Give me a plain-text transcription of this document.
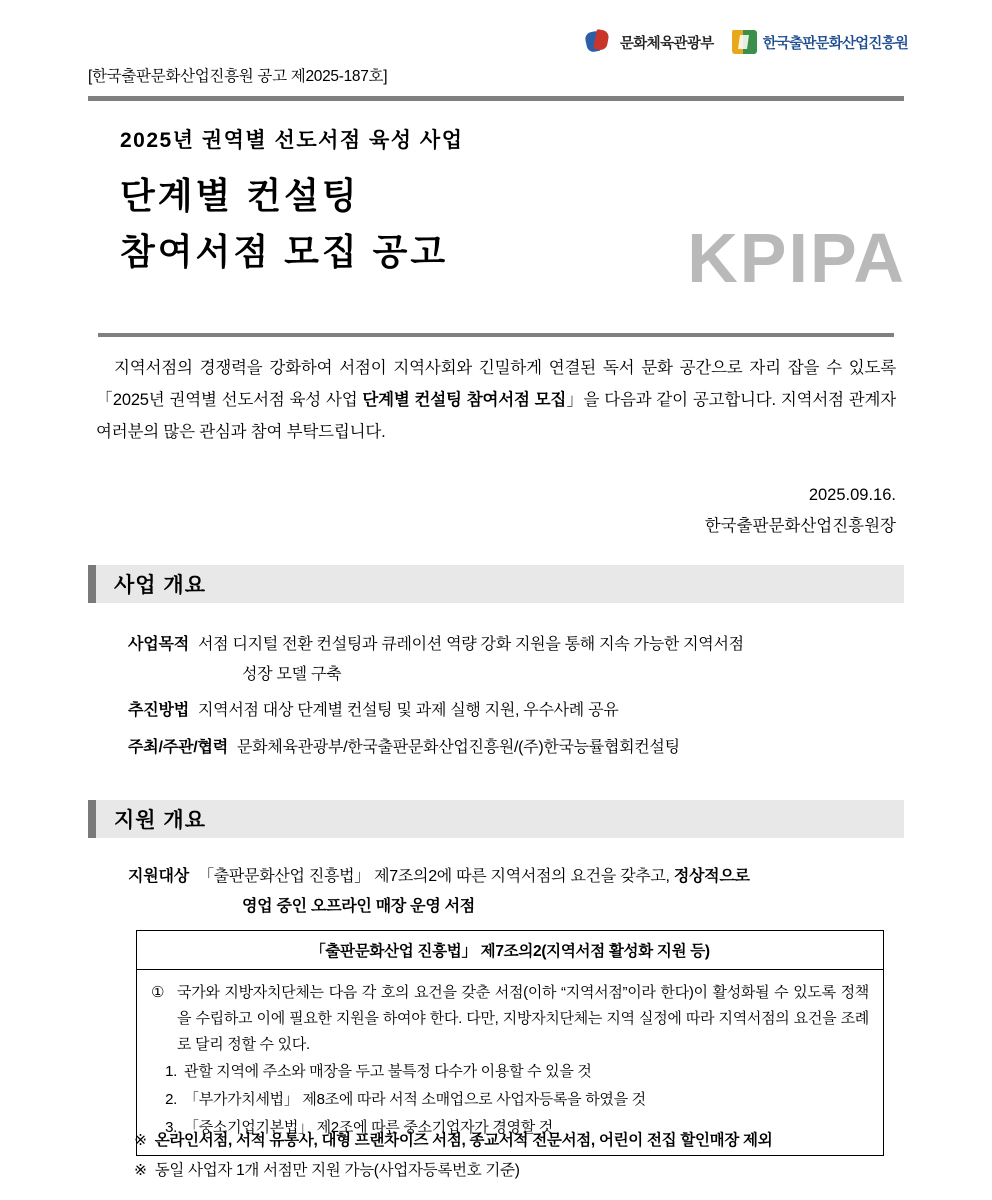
문화체육관광부	한국출판문화산업진흥원
[한국출판문화산업진흥원 공고 제2025-187호]
2025년 권역별 선도서점 육성 사업
단계별 컨설팅
참여서점 모집 공고	KPIPA
지역서점의 경쟁력을 강화하여 서점이 지역사회와 긴밀하게 연결된 독서 문화 공간으로 자리 잡을 수 있도록 「2025년 권역별 선도서점 육성 사업 단계별 컨설팅 참여서점 모집」을 다음과 같이 공고합니다. 지역서점 관계자 여러분의 많은 관심과 참여 부탁드립니다.
2025.09.16.
한국출판문화산업진흥원장
사업 개요
사업목적 서점 디지털 전환 컨설팅과 큐레이션 역량 강화 지원을 통해 지속 가능한 지역서점
성장 모델 구축
추진방법 지역서점 대상 단계별 컨설팅 및 과제 실행 지원, 우수사례 공유
주최/주관/협력 문화체육관광부/한국출판문화산업진흥원/(주)한국능률협회컨설팅
지원 개요
지원대상 「출판문화산업 진흥법」 제7조의2에 따른 지역서점의 요건을 갖추고, 정상적으로
영업 중인 오프라인 매장 운영 서점
「출판문화산업 진흥법」 제7조의2(지역서점 활성화 지원 등)
① 국가와 지방자치단체는 다음 각 호의 요건을 갖춘 서점(이하 “지역서점”이라 한다)이 활성화될 수 있도록 정책을 수립하고 이에 필요한 지원을 하여야 한다. 다만, 지방자치단체는 지역 실정에 따라 지역서점의 요건을 조례로 달리 정할 수 있다.
1. 관할 지역에 주소와 매장을 두고 불특정 다수가 이용할 수 있을 것
2. 「부가가치세법」 제8조에 따라 서적 소매업으로 사업자등록을 하였을 것
3. 「중소기업기본법」 제2조에 따른 중소기업자가 경영할 것
※ 온라인서점, 서적 유통사, 대형 프랜차이즈 서점, 종교서적 전문서점, 어린이 전집 할인매장 제외
※ 동일 사업자 1개 서점만 지원 가능(사업자등록번호 기준)
